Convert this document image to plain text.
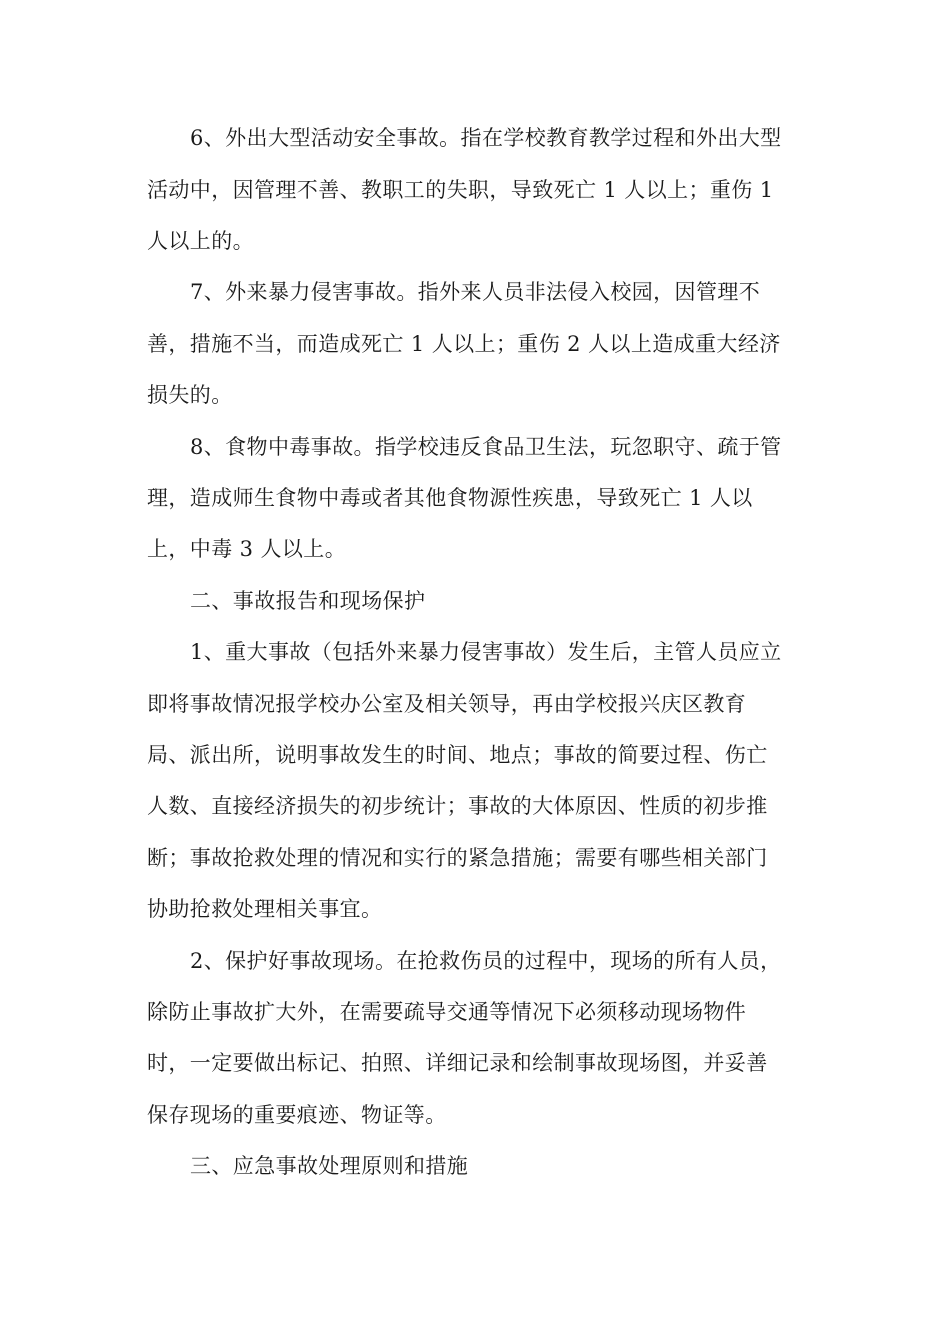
6、外出大型活动安全事故。指在学校教育教学过程和外出大型

活动中，因管理不善、教职工的失职，导致死亡 1 人以上；重伤 1

人以上的。

7、外来暴力侵害事故。指外来人员非法侵入校园，因管理不

善，措施不当，而造成死亡 1 人以上；重伤 2 人以上造成重大经济

损失的。

8、食物中毒事故。指学校违反食品卫生法，玩忽职守、疏于管

理，造成师生食物中毒或者其他食物源性疾患，导致死亡 1 人以

上，中毒 3 人以上。

二、事故报告和现场保护

1、重大事故（包括外来暴力侵害事故）发生后，主管人员应立

即将事故情况报学校办公室及相关领导，再由学校报兴庆区教育

局、派出所，说明事故发生的时间、地点；事故的简要过程、伤亡

人数、直接经济损失的初步统计；事故的大体原因、性质的初步推

断；事故抢救处理的情况和实行的紧急措施；需要有哪些相关部门

协助抢救处理相关事宜。

2、保护好事故现场。在抢救伤员的过程中，现场的所有人员，

除防止事故扩大外，在需要疏导交通等情况下必须移动现场物件

时，一定要做出标记、拍照、详细记录和绘制事故现场图，并妥善

保存现场的重要痕迹、物证等。

三、应急事故处理原则和措施
